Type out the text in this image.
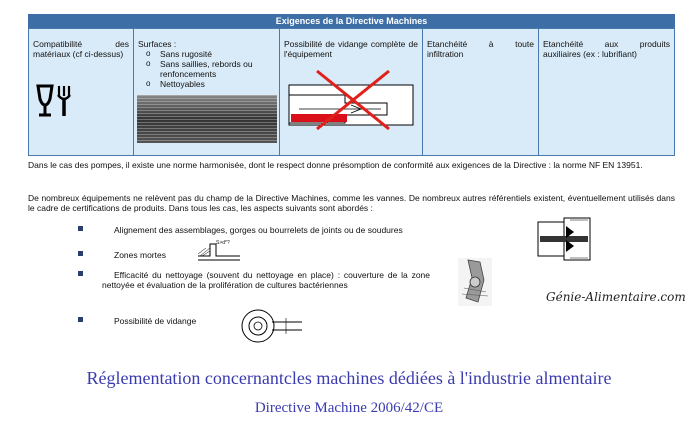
Exigences de la Directive Machines
Compatibilité des matériaux (cf ci-dessus)
Surfaces :
o Sans rugosité
o Sans saillies, rebords ou renfoncements
o Nettoyables
Possibilité de vidange complète de l'équipement
Etanchéité à toute infiltration
Etanchéité aux produits auxiliaires (ex : lubrifiant)
Dans le cas des pompes, il existe une norme harmonisée, dont le respect donne présomption de conformité aux exigences de la Directive : la norme NF EN 13951.
De nombreux équipements ne relèvent pas du champ de la Directive Machines, comme les vannes. De nombreux autres référentiels existent, éventuellement utilisés dans le cadre de certifications de produits. Dans tous les cas, les aspects suivants sont abordés :
Alignement des assemblages, gorges ou bourrelets de joints ou de soudures
Zones mortes
S>d*?
Efficacité du nettoyage (souvent du nettoyage en place) : couverture de la zone nettoyée et évaluation de la prolifération de cultures bactériennes
Possibilité de vidange
Génie-Alimentaire.com
Réglementation concernantcles machines dédiées à l'industrie almentaire
Directive Machine 2006/42/CE
